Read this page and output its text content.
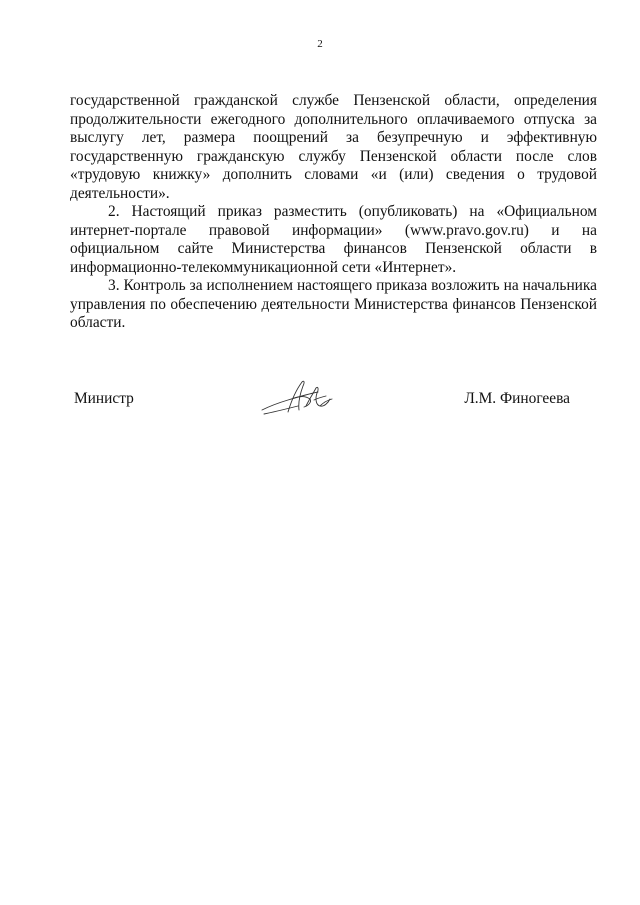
2

государственной гражданской службе Пензенской области, определения продолжительности ежегодного дополнительного оплачиваемого отпуска за выслугу лет, размера поощрений за безупречную и эффективную государственную гражданскую службу Пензенской области после слов «трудовую книжку» дополнить словами «и (или) сведения о трудовой деятельности».

2. Настоящий приказ разместить (опубликовать) на «Официальном интернет-портале правовой информации» (www.pravo.gov.ru) и на официальном сайте Министерства финансов Пензенской области в информационно-телекоммуникационной сети «Интернет».

3. Контроль за исполнением настоящего приказа возложить на начальника управления по обеспечению деятельности Министерства финансов Пензенской области.

Министр	Л.М. Финогеева
